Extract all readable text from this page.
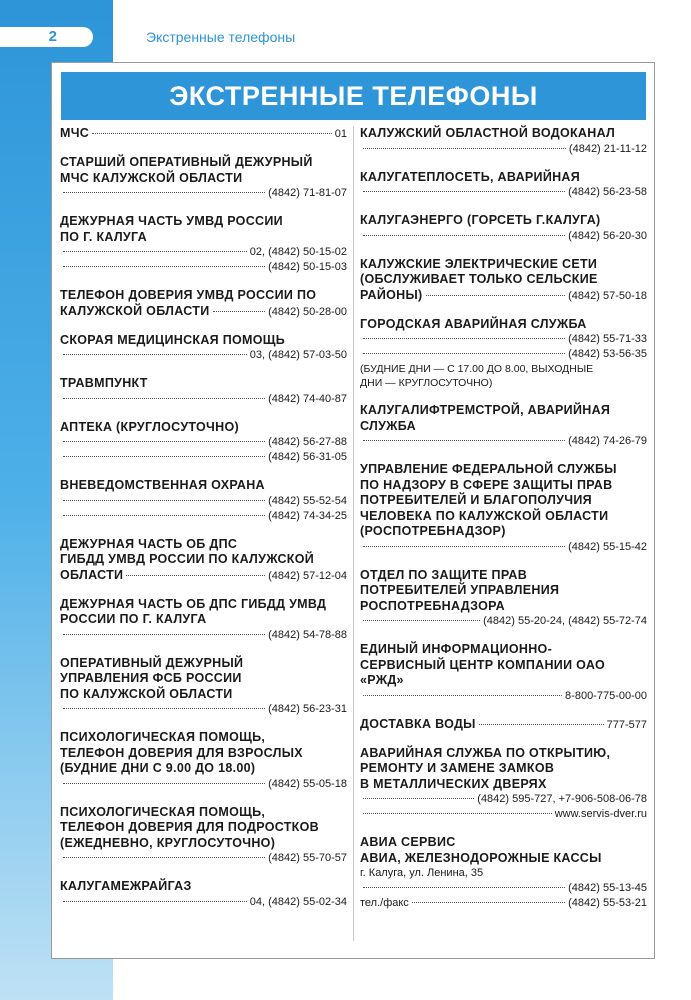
2	Экстренные телефоны
ЭКСТРЕННЫЕ ТЕЛЕФОНЫ
МЧС	01
СТАРШИЙ ОПЕРАТИВНЫЙ ДЕЖУРНЫЙ
МЧС КАЛУЖСКОЙ ОБЛАСТИ
(4842) 71-81-07
ДЕЖУРНАЯ ЧАСТЬ УМВД РОССИИ
ПО Г. КАЛУГА
02, (4842) 50-15-02
(4842) 50-15-03
ТЕЛЕФОН ДОВЕРИЯ УМВД РОССИИ ПО
КАЛУЖСКОЙ ОБЛАСТИ	(4842) 50-28-00
СКОРАЯ МЕДИЦИНСКАЯ ПОМОЩЬ
03, (4842) 57-03-50
ТРАВМПУНКТ
(4842) 74-40-87
АПТЕКА (КРУГЛОСУТОЧНО)
(4842) 56-27-88
(4842) 56-31-05
ВНЕВЕДОМСТВЕННАЯ ОХРАНА
(4842) 55-52-54
(4842) 74-34-25
ДЕЖУРНАЯ ЧАСТЬ ОБ ДПС
ГИБДД УМВД РОССИИ ПО КАЛУЖСКОЙ
ОБЛАСТИ	(4842) 57-12-04
ДЕЖУРНАЯ ЧАСТЬ ОБ ДПС ГИБДД УМВД
РОССИИ ПО Г. КАЛУГА
(4842) 54-78-88
ОПЕРАТИВНЫЙ ДЕЖУРНЫЙ
УПРАВЛЕНИЯ ФСБ РОССИИ
ПО КАЛУЖСКОЙ ОБЛАСТИ
(4842) 56-23-31
ПСИХОЛОГИЧЕСКАЯ ПОМОЩЬ,
ТЕЛЕФОН ДОВЕРИЯ ДЛЯ ВЗРОСЛЫХ
(БУДНИЕ ДНИ С 9.00 ДО 18.00)
(4842) 55-05-18
ПСИХОЛОГИЧЕСКАЯ ПОМОЩЬ,
ТЕЛЕФОН ДОВЕРИЯ ДЛЯ ПОДРОСТКОВ
(ЕЖЕДНЕВНО, КРУГЛОСУТОЧНО)
(4842) 55-70-57
КАЛУГАМЕЖРАЙГАЗ
04, (4842) 55-02-34
КАЛУЖСКИЙ ОБЛАСТНОЙ ВОДОКАНАЛ
(4842) 21-11-12
КАЛУГАТЕПЛОСЕТЬ, АВАРИЙНАЯ
(4842) 56-23-58
КАЛУГАЭНЕРГО (ГОРСЕТЬ Г.КАЛУГА)
(4842) 56-20-30
КАЛУЖСКИЕ ЭЛЕКТРИЧЕСКИЕ СЕТИ
(ОБСЛУЖИВАЕТ ТОЛЬКО СЕЛЬСКИЕ
РАЙОНЫ)	(4842) 57-50-18
ГОРОДСКАЯ АВАРИЙНАЯ СЛУЖБА
(4842) 55-71-33
(4842) 53-56-35
(БУДНИЕ ДНИ — С 17.00 ДО 8.00, ВЫХОДНЫЕ
ДНИ — КРУГЛОСУТОЧНО)
КАЛУГАЛИФТРЕМСТРОЙ, АВАРИЙНАЯ
СЛУЖБА
(4842) 74-26-79
УПРАВЛЕНИЕ ФЕДЕРАЛЬНОЙ СЛУЖБЫ
ПО НАДЗОРУ В СФЕРЕ ЗАЩИТЫ ПРАВ
ПОТРЕБИТЕЛЕЙ И БЛАГОПОЛУЧИЯ
ЧЕЛОВЕКА ПО КАЛУЖСКОЙ ОБЛАСТИ
(РОСПОТРЕБНАДЗОР)
(4842) 55-15-42
ОТДЕЛ ПО ЗАЩИТЕ ПРАВ
ПОТРЕБИТЕЛЕЙ УПРАВЛЕНИЯ
РОСПОТРЕБНАДЗОРА
(4842) 55-20-24, (4842) 55-72-74
ЕДИНЫЙ ИНФОРМАЦИОННО-
СЕРВИСНЫЙ ЦЕНТР КОМПАНИИ ОАО
«РЖД»
8-800-775-00-00
ДОСТАВКА ВОДЫ	777-577
АВАРИЙНАЯ СЛУЖБА ПО ОТКРЫТИЮ,
РЕМОНТУ И ЗАМЕНЕ ЗАМКОВ
В МЕТАЛЛИЧЕСКИХ ДВЕРЯХ
(4842) 595-727, +7-906-508-06-78
www.servis-dver.ru
АВИА СЕРВИС
АВИА, ЖЕЛЕЗНОДОРОЖНЫЕ КАССЫ
г. Калуга, ул. Ленина, 35
(4842) 55-13-45
тел./факс	(4842) 55-53-21
